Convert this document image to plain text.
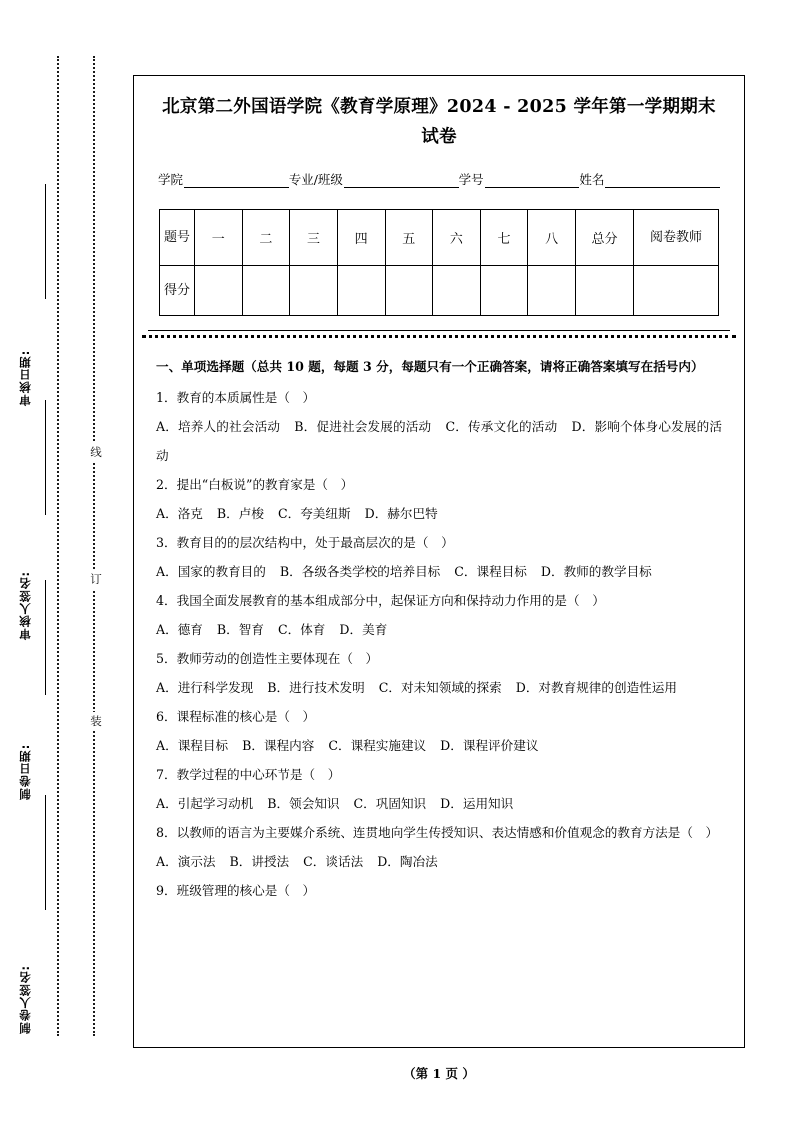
线
订
装
审核日期:
审核人签名:
制卷日期:
制卷人签名:
北京第二外国语学院《教育学原理》2024 - 2025 学年第一学期期末试卷
学院	专业/班级	学号	姓名
题号	一	二	三	四	五	六	七	八	总分	阅卷教师
得分										

一、单项选择题（总共 10 题，每题 3 分，每题只有一个正确答案，请将正确答案填写在括号内）

1．教育的本质属性是（　）

A．培养人的社会活动 B．促进社会发展的活动 C．传承文化的活动 D．影响个体身心发展的活动

2．提出“白板说”的教育家是（　）

A．洛克 B．卢梭 C．夸美纽斯 D．赫尔巴特

3．教育目的的层次结构中，处于最高层次的是（　）

A．国家的教育目的 B．各级各类学校的培养目标 C．课程目标 D．教师的教学目标

4．我国全面发展教育的基本组成部分中，起保证方向和保持动力作用的是（　）

A．德育 B．智育 C．体育 D．美育

5．教师劳动的创造性主要体现在（　）

A．进行科学发现 B．进行技术发明 C．对未知领域的探索 D．对教育规律的创造性运用

6．课程标准的核心是（　）

A．课程目标 B．课程内容 C．课程实施建议 D．课程评价建议

7．教学过程的中心环节是（　）

A．引起学习动机 B．领会知识 C．巩固知识 D．运用知识

8．以教师的语言为主要媒介系统、连贯地向学生传授知识、表达情感和价值观念的教育方法是（　）

A．演示法 B．讲授法 C．谈话法 D．陶冶法

9．班级管理的核心是（　）

（第 1 页 ）
